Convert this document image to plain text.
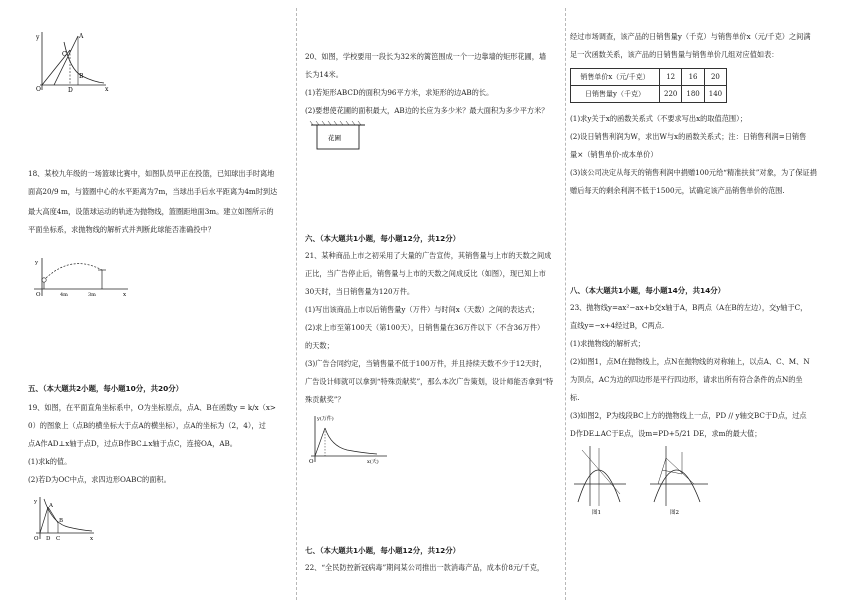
y
x
O
A
B
C
D

18、某校九年级的一场篮球比赛中，如图队员甲正在投篮，已知球出手时离地

面高20/9 m，与篮圈中心的水平距离为7m，当球出手后水平距离为4m时到达

最大高度4m，设篮球运动的轨迹为抛物线，篮圈距地面3m。建立如图所示的

平面坐标系，求抛物线的解析式并判断此球能否准确投中？

y
x
O	4m	3m

五、（本大题共2小题，每小题10分，共20分）

19、如图，在平面直角坐标系中，O为坐标原点，点A、B在函数y = k/x（x>

0）的图象上（点B的横坐标大于点A的横坐标），点A的坐标为（2，4），过

点A作AD⊥x轴于点D，过点B作BC⊥x轴于点C，连接OA，AB。

(1)求k的值。

(2)若D为OC中点，求四边形OABC的面积。

y
x
O
A
B
C
D

20、如图，学校要用一段长为32米的篱笆围成一个一边靠墙的矩形花圃，墙

长为14米。

(1)若矩形ABCD的面积为96平方米，求矩形的边AB的长。

(2)要想使花圃的面积最大，AB边的长应为多少米？最大面积为多少平方米？

花圃

六、（本大题共1小题，每小题12分，共12分）

21、某种商品上市之初采用了大量的广告宣传，其销售量与上市的天数之间成

正比，当广告停止后，销售量与上市的天数之间成反比（如图），现已知上市

30天时，当日销售量为120万件。

(1)写出该商品上市以后销售量y（万件）与时间x（天数）之间的表达式；

(2)求上市至第100天（第100天），日销售量在36万件以下（不含36万件）

的天数；

(3)广告合同约定，当销售量不低于100万件，并且持续天数不少于12天时，

广告设计师就可以拿到“特殊贡献奖”，那么本次广告策划，设计师能否拿到“特

殊贡献奖”？

y(万件)
x(天)
O

七、（本大题共1小题，每小题12分，共12分）

22、“全民防控新冠病毒”期间某公司推出一款消毒产品，成本价8元/千克，

经过市场调查，该产品的日销售量y（千克）与销售单价x（元/千克）之间满

足一次函数关系，该产品的日销售量与销售单价几组对应值如表：

销售单价x（元/千克）	12	16	20
日销售量y（千克）	220	180	140

(1)求y关于x的函数关系式（不要求写出x的取值范围）；

(2)设日销售利润为W，求出W与x的函数关系式；注：日销售利润=日销售

量×（销售单价-成本单价）

(3)该公司决定从每天的销售利润中捐赠100元给“精准扶贫”对象，为了保证捐

赠后每天的剩余利润不低于1500元，试确定该产品销售单价的范围.

八、（本大题共1小题，每小题14分，共14分）

23、抛物线y=ax²−ax+b交x轴于A，B两点（A在B的左边），交y轴于C，

直线y=−x+4经过B，C两点.

(1)求抛物线的解析式；

(2)如图1，点M在抛物线上，点N在抛物线的对称轴上，以点A、C、M、N

为顶点，AC为边的四边形是平行四边形，请求出所有符合条件的点N的坐

标.

(3)如图2，P为线段BC上方的抛物线上一点，PD // y轴交BC于D点，过点

D作DE⊥AC于E点，设m=PD+5/21 DE，求m的最大值；

图1	图2
